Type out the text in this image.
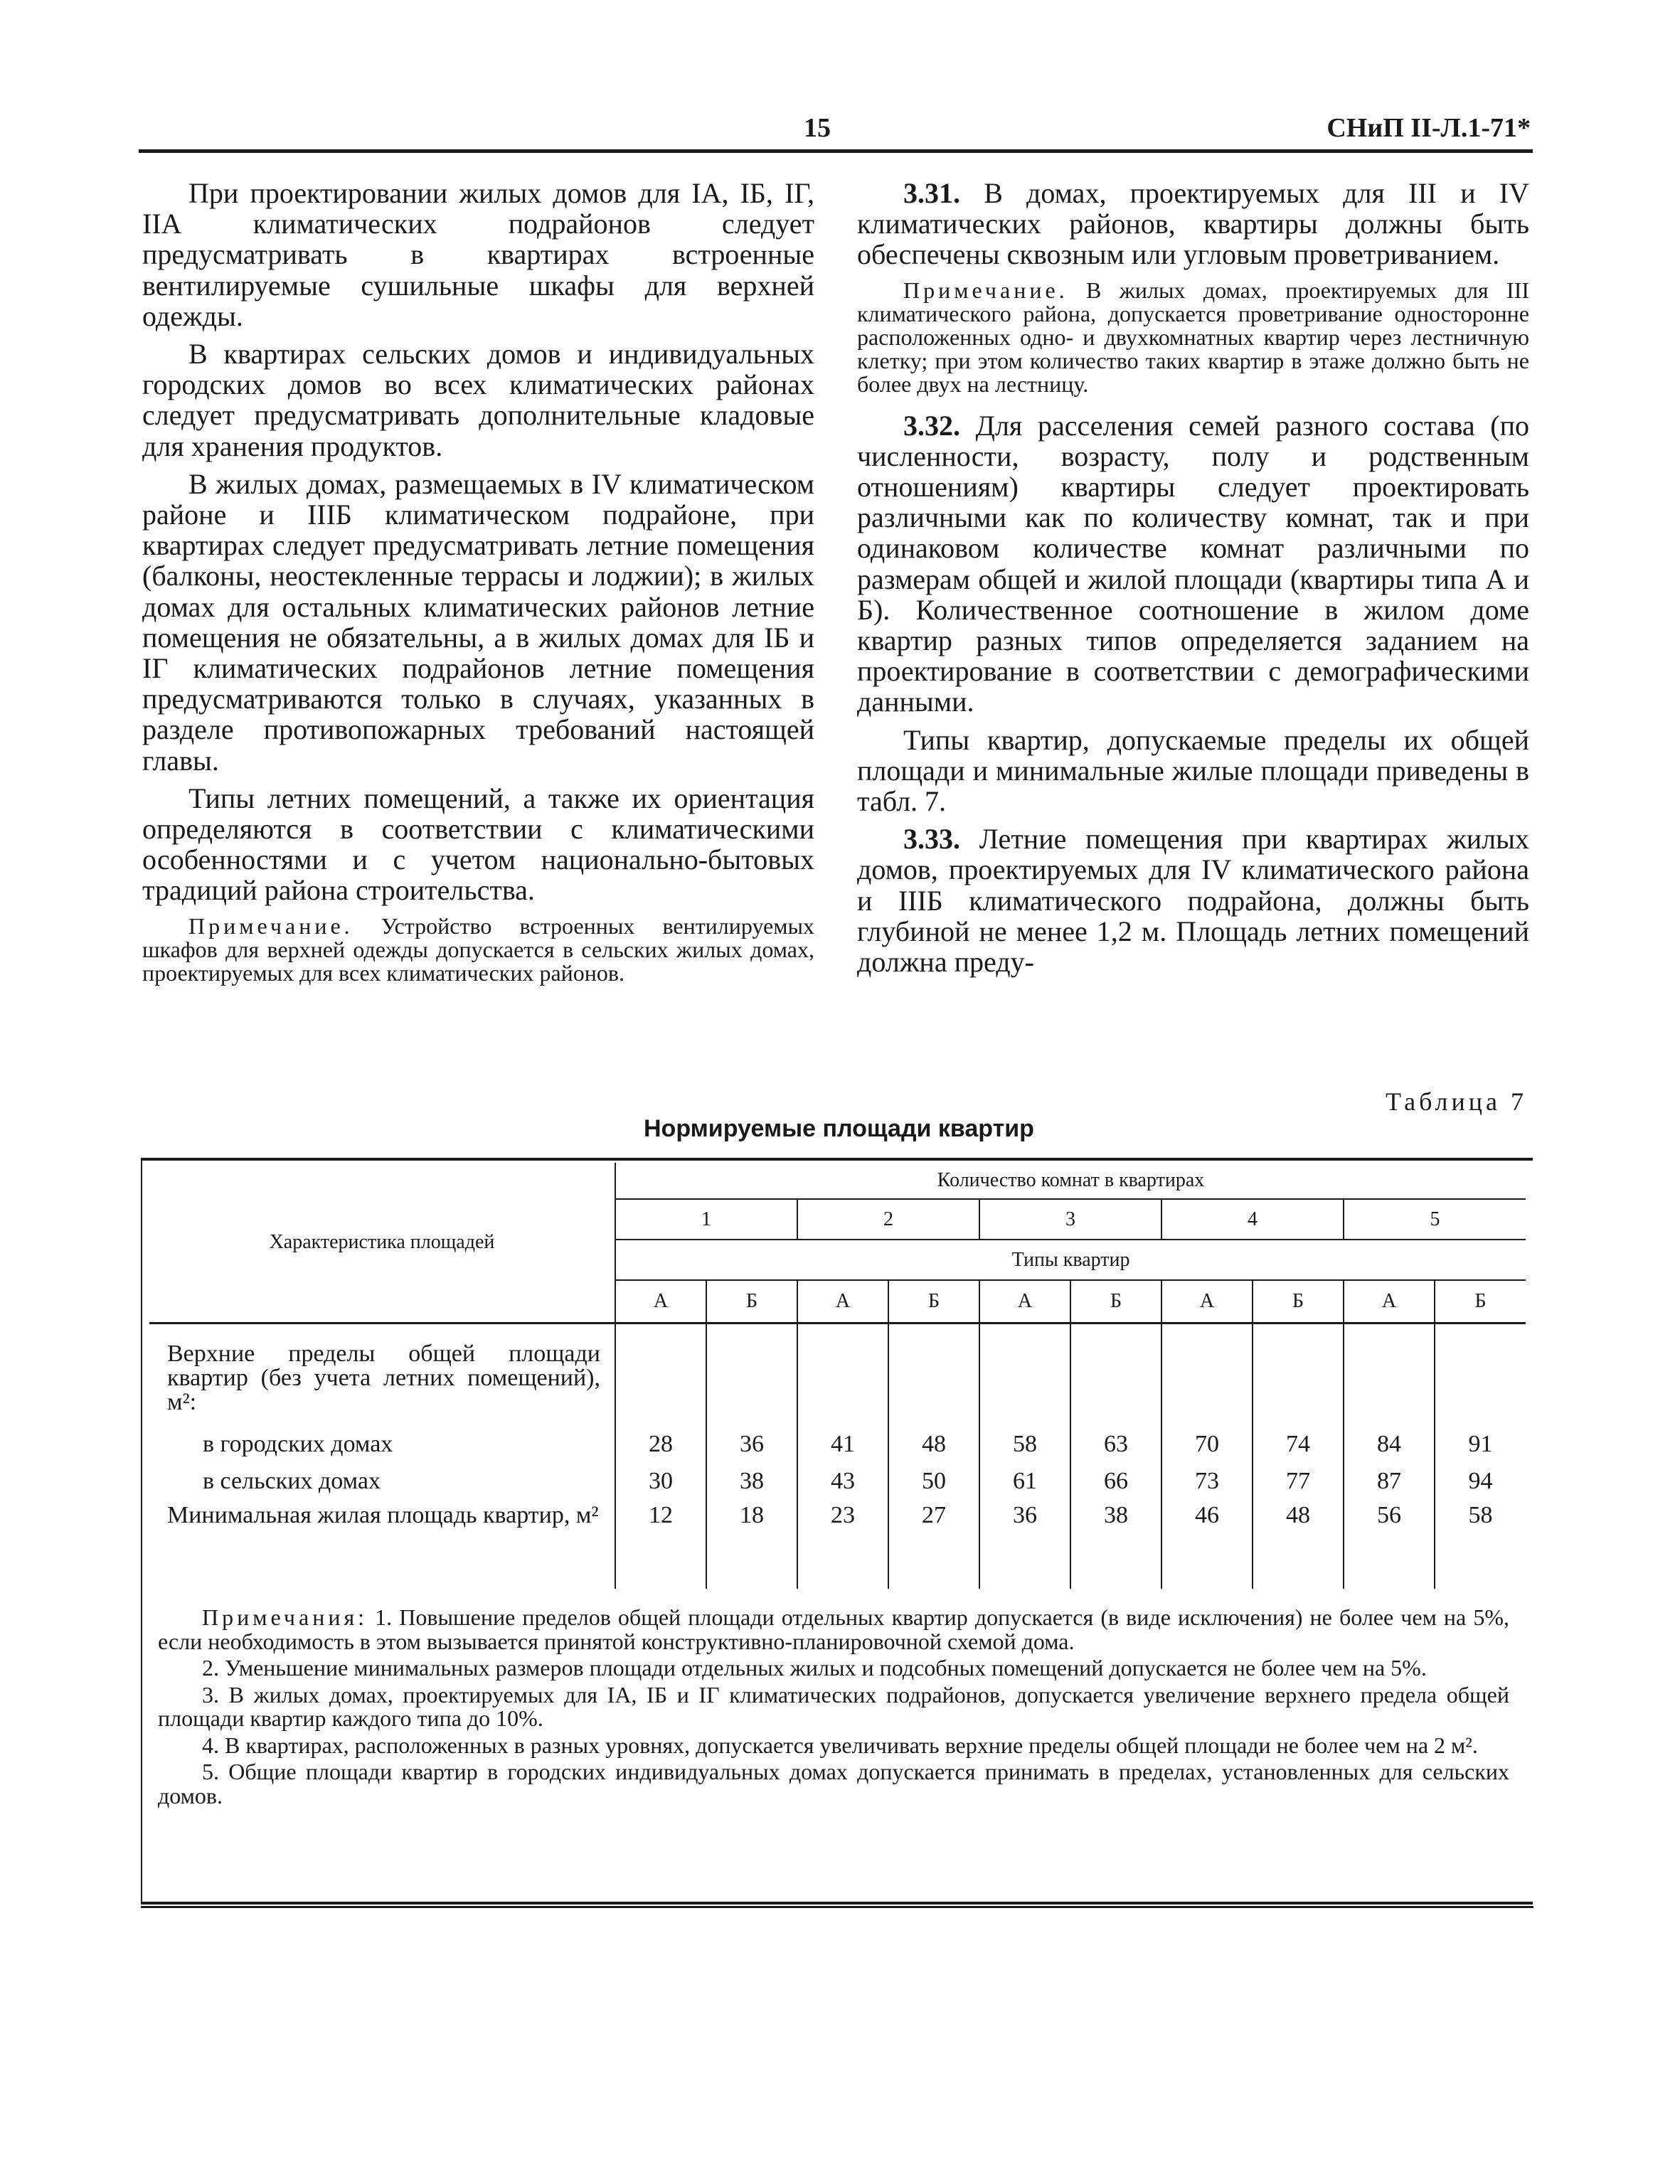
15	СНиП II-Л.1-71*

При проектировании жилых домов для IA, IБ, IГ, IIА климатических подрайонов следует предусматривать в квартирах встроенные вентилируемые сушильные шкафы для верхней одежды.

В квартирах сельских домов и индивидуальных городских домов во всех климатических районах следует предусматривать дополнительные кладовые для хранения продуктов.

В жилых домах, размещаемых в IV климатическом районе и IIIБ климатическом подрайоне, при квартирах следует предусматривать летние помещения (балконы, неостекленные террасы и лоджии); в жилых домах для остальных климатических районов летние помещения не обязательны, а в жилых домах для IБ и IГ климатических подрайонов летние помещения предусматриваются только в случаях, указанных в разделе противопожарных требований настоящей главы.

Типы летних помещений, а также их ориентация определяются в соответствии с климатическими особенностями и с учетом национально-бытовых традиций района строительства.

Примечание. Устройство встроенных вентилируемых шкафов для верхней одежды допускается в сельских жилых домах, проектируемых для всех климатических районов.

3.31. В домах, проектируемых для III и IV климатических районов, квартиры должны быть обеспечены сквозным или угловым проветриванием.

Примечание. В жилых домах, проектируемых для III климатического района, допускается проветривание односторонне расположенных одно- и двухкомнатных квартир через лестничную клетку; при этом количество таких квартир в этаже должно быть не более двух на лестницу.

3.32. Для расселения семей разного состава (по численности, возрасту, полу и родственным отношениям) квартиры следует проектировать различными как по количеству комнат, так и при одинаковом количестве комнат различными по размерам общей и жилой площади (квартиры типа А и Б). Количественное соотношение в жилом доме квартир разных типов определяется заданием на проектирование в соответствии с демографическими данными.

Типы квартир, допускаемые пределы их общей площади и минимальные жилые площади приведены в табл. 7.

3.33. Летние помещения при квартирах жилых домов, проектируемых для IV климатического района и IIIБ климатического подрайона, должны быть глубиной не менее 1,2 м. Площадь летних помещений должна преду-

Таблица 7
Нормируемые площади квартир
Характеристика площадей	Количество комнат в квартирах									
	1		2		3		4		5	
	Типы квартир									
	А	Б	А	Б	А	Б	А	Б	А	Б
Верхние пределы общей площади квартир (без учета летних помещений), м²:										
в городских домах	28	36	41	48	58	63	70	74	84	91
в сельских домах	30	38	43	50	61	66	73	77	87	94
Минимальная жилая площадь квартир, м²	12	18	23	27	36	38	46	48	56	58

Примечания: 1. Повышение пределов общей площади отдельных квартир допускается (в виде исключения) не более чем на 5%, если необходимость в этом вызывается принятой конструктивно-планировочной схемой дома.

2. Уменьшение минимальных размеров площади отдельных жилых и подсобных помещений допускается не более чем на 5%.

3. В жилых домах, проектируемых для IA, IБ и IГ климатических подрайонов, допускается увеличение верхнего предела общей площади квартир каждого типа до 10%.

4. В квартирах, расположенных в разных уровнях, допускается увеличивать верхние пределы общей площади не более чем на 2 м².

5. Общие площади квартир в городских индивидуальных домах допускается принимать в пределах, установленных для сельских домов.
